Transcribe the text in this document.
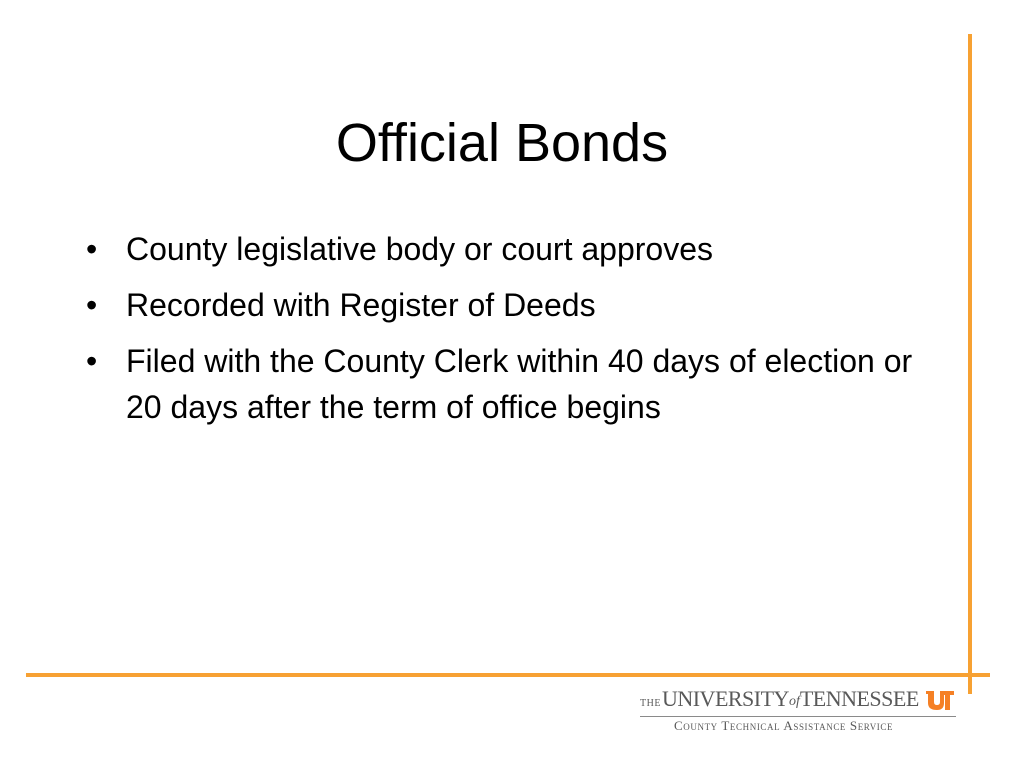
Official Bonds
• County legislative body or court approves
• Recorded with Register of Deeds
• Filed with the County Clerk within 40 days of election or 20 days after the term of office begins
THE UNIVERSITY of TENNESSEE
County Technical Assistance Service
